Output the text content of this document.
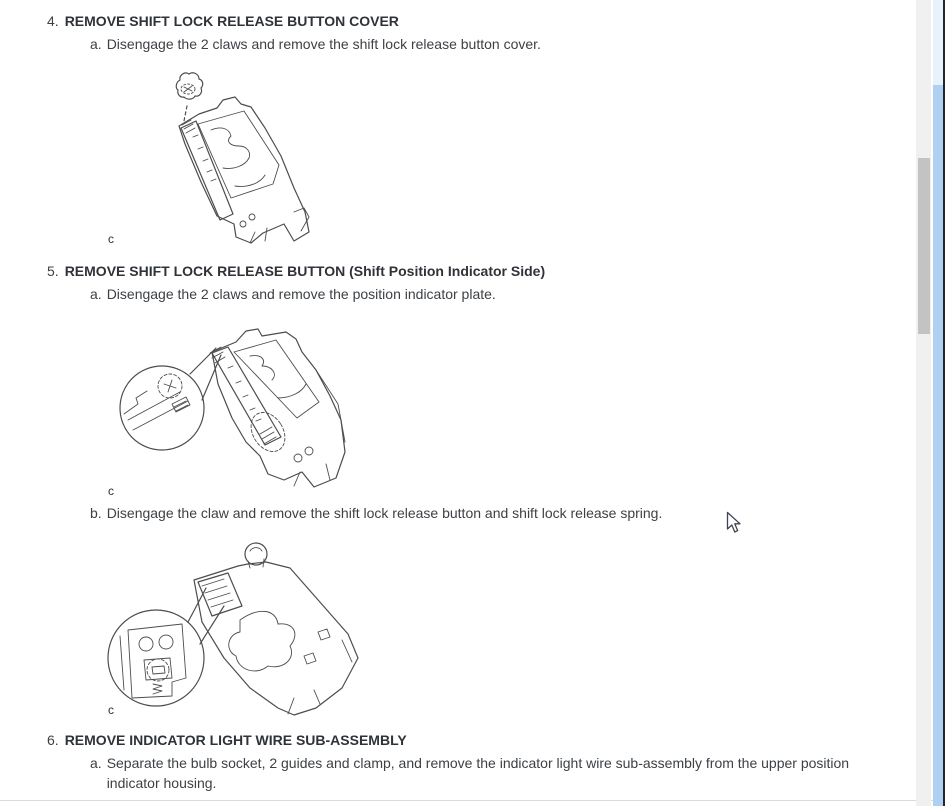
4. REMOVE SHIFT LOCK RELEASE BUTTON COVER
a. Disengage the 2 claws and remove the shift lock release button cover.
c
5. REMOVE SHIFT LOCK RELEASE BUTTON (Shift Position Indicator Side)
a. Disengage the 2 claws and remove the position indicator plate.
c
b. Disengage the claw and remove the shift lock release button and shift lock release spring.
c
6. REMOVE INDICATOR LIGHT WIRE SUB-ASSEMBLY
a. Separate the bulb socket, 2 guides and clamp, and remove the indicator light wire sub-assembly from the upper position indicator housing.
